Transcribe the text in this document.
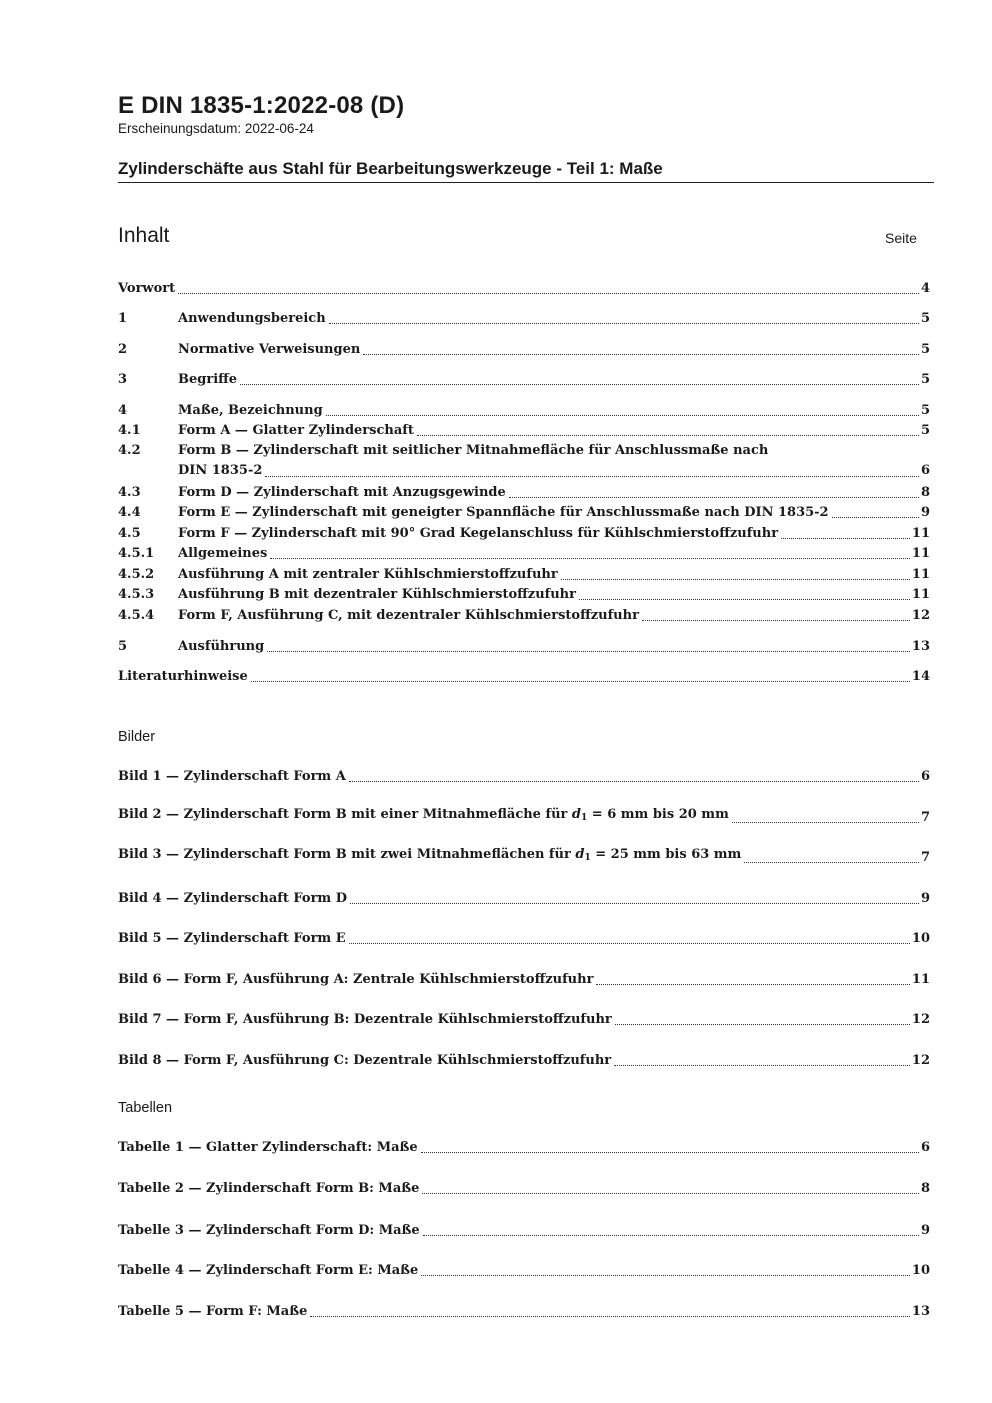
E DIN 1835-1:2022-08 (D)
Erscheinungsdatum: 2022-06-24
Zylinderschäfte aus Stahl für Bearbeitungswerkzeuge - Teil 1: Maße
Inhalt	Seite
Vorwort	4
1	Anwendungsbereich	5
2	Normative Verweisungen	5
3	Begriffe	5
4	Maße, Bezeichnung	5
4.1	Form A — Glatter Zylinderschaft	5
4.2	Form B — Zylinderschaft mit seitlicher Mitnahmefläche für Anschlussmaße nach
DIN 1835-2	6
4.3	Form D — Zylinderschaft mit Anzugsgewinde	8
4.4	Form E — Zylinderschaft mit geneigter Spannfläche für Anschlussmaße nach DIN 1835-2	9
4.5	Form F — Zylinderschaft mit 90° Grad Kegelanschluss für Kühlschmierstoffzufuhr	11
4.5.1	Allgemeines	11
4.5.2	Ausführung A mit zentraler Kühlschmierstoffzufuhr	11
4.5.3	Ausführung B mit dezentraler Kühlschmierstoffzufuhr	11
4.5.4	Form F, Ausführung C, mit dezentraler Kühlschmierstoffzufuhr	12
5	Ausführung	13
Literaturhinweise	14
Bilder
Bild 1 — Zylinderschaft Form A	6
Bild 2 — Zylinderschaft Form B mit einer Mitnahmefläche für $d_1 = 6$ mm bis 20 mm	7
Bild 3 — Zylinderschaft Form B mit zwei Mitnahmeflächen für $d_1 = 25$ mm bis 63 mm	7
Bild 4 — Zylinderschaft Form D	9
Bild 5 — Zylinderschaft Form E	10
Bild 6 — Form F, Ausführung A: Zentrale Kühlschmierstoffzufuhr	11
Bild 7 — Form F, Ausführung B: Dezentrale Kühlschmierstoffzufuhr	12
Bild 8 — Form F, Ausführung C: Dezentrale Kühlschmierstoffzufuhr	12
Tabellen
Tabelle 1 — Glatter Zylinderschaft: Maße	6
Tabelle 2 — Zylinderschaft Form B: Maße	8
Tabelle 3 — Zylinderschaft Form D: Maße	9
Tabelle 4 — Zylinderschaft Form E: Maße	10
Tabelle 5 — Form F: Maße	13
